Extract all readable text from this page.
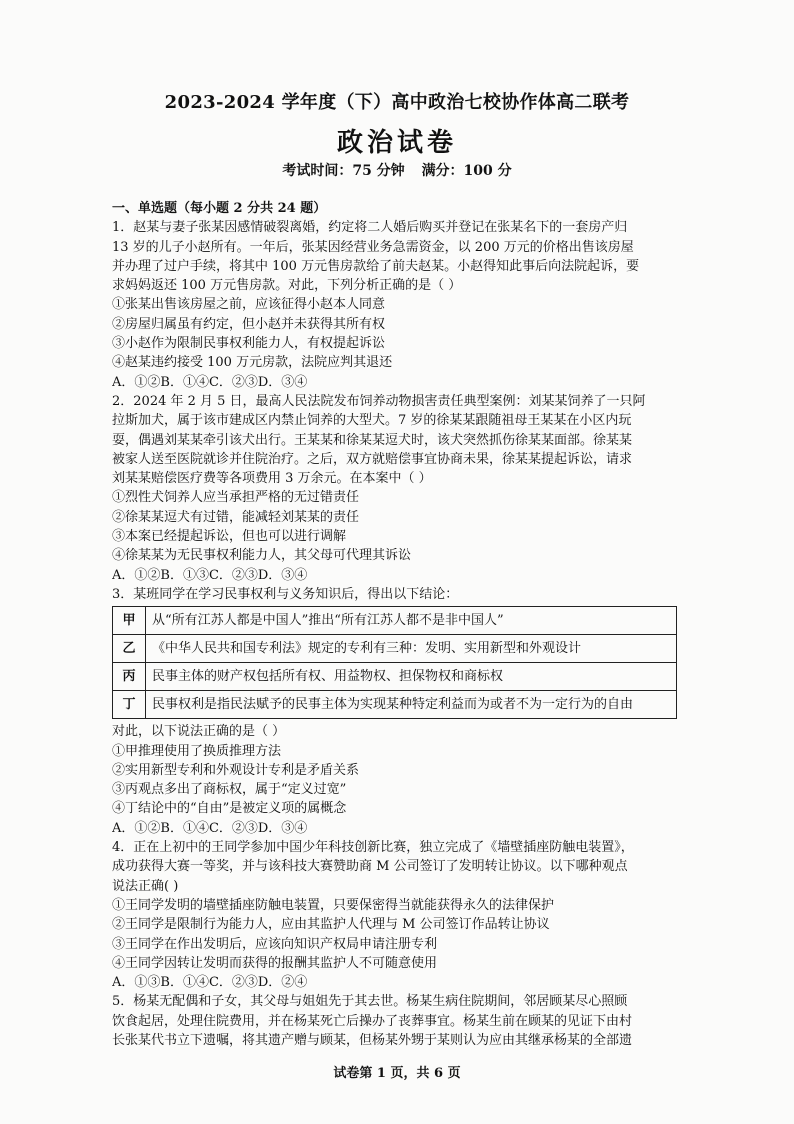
2023-2024 学年度（下）高中政治七校协作体高二联考
政治试卷
考试时间：75 分钟 满分：100 分
一、单选题（每小题 2 分共 24 题）
1．赵某与妻子张某因感情破裂离婚，约定将二人婚后购买并登记在张某名下的一套房产归
13 岁的儿子小赵所有。一年后，张某因经营业务急需资金，以 200 万元的价格出售该房屋
并办理了过户手续，将其中 100 万元售房款给了前夫赵某。小赵得知此事后向法院起诉，要
求妈妈返还 100 万元售房款。对此，下列分析正确的是（ ）
①张某出售该房屋之前，应该征得小赵本人同意
②房屋归属虽有约定，但小赵并未获得其所有权
③小赵作为限制民事权利能力人，有权提起诉讼
④赵某违约接受 100 万元房款，法院应判其退还
A．①②B．①④C．②③D．③④
2．2024 年 2 月 5 日，最高人民法院发布饲养动物损害责任典型案例：刘某某饲养了一只阿
拉斯加犬，属于该市建成区内禁止饲养的大型犬。7 岁的徐某某跟随祖母王某某在小区内玩
耍，偶遇刘某某牵引该犬出行。王某某和徐某某逗犬时，该犬突然抓伤徐某某面部。徐某某
被家人送至医院就诊并住院治疗。之后，双方就赔偿事宜协商未果，徐某某提起诉讼，请求
刘某某赔偿医疗费等各项费用 3 万余元。在本案中（ ）
①烈性犬饲养人应当承担严格的无过错责任
②徐某某逗犬有过错，能减轻刘某某的责任
③本案已经提起诉讼，但也可以进行调解
④徐某某为无民事权利能力人，其父母可代理其诉讼
A．①②B．①③C．②③D．③④
3．某班同学在学习民事权利与义务知识后，得出以下结论：
甲	从“所有江苏人都是中国人”推出“所有江苏人都不是非中国人”
乙	《中华人民共和国专利法》规定的专利有三种：发明、实用新型和外观设计
丙	民事主体的财产权包括所有权、用益物权、担保物权和商标权
丁	民事权利是指民法赋予的民事主体为实现某种特定利益而为或者不为一定行为的自由
对此，以下说法正确的是（ ）
①甲推理使用了换质推理方法
②实用新型专利和外观设计专利是矛盾关系
③丙观点多出了商标权，属于“定义过宽”
④丁结论中的“自由”是被定义项的属概念
A．①②B．①④C．②③D．③④
4．正在上初中的王同学参加中国少年科技创新比赛，独立完成了《墙壁插座防触电装置》，
成功获得大赛一等奖，并与该科技大赛赞助商 M 公司签订了发明转让协议。以下哪种观点
说法正确( )
①王同学发明的墙壁插座防触电装置，只要保密得当就能获得永久的法律保护
②王同学是限制行为能力人，应由其监护人代理与 M 公司签订作品转让协议
③王同学在作出发明后，应该向知识产权局申请注册专利
④王同学因转让发明而获得的报酬其监护人不可随意使用
A．①③B．①④C．②③D．②④
5．杨某无配偶和子女，其父母与姐姐先于其去世。杨某生病住院期间，邻居顾某尽心照顾
饮食起居，处理住院费用，并在杨某死亡后操办了丧葬事宜。杨某生前在顾某的见证下由村
长张某代书立下遗嘱，将其遗产赠与顾某，但杨某外甥于某则认为应由其继承杨某的全部遗
试卷第 1 页，共 6 页
